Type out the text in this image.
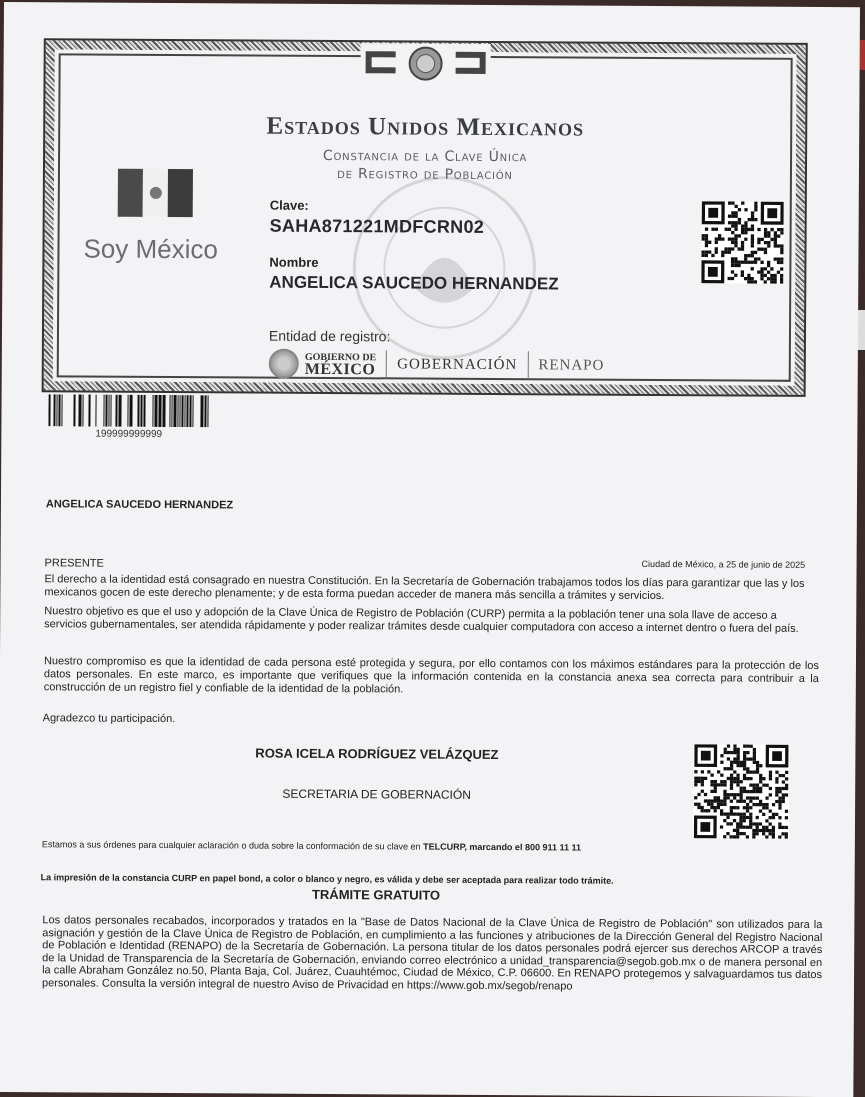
Estados Unidos Mexicanos
Constancia de la Clave Única
de Registro de Población
Soy México
Clave:
SAHA871221MDFCRN02
Nombre
ANGELICA SAUCEDO HERNANDEZ
Entidad de registro:
GOBIERNO DE
MÉXICO GOBERNACIÓN RENAPO
199999999999
ANGELICA SAUCEDO HERNANDEZ
PRESENTE	Ciudad de México, a 25 de junio de 2025
El derecho a la identidad está consagrado en nuestra Constitución. En la Secretaría de Gobernación trabajamos todos los días para garantizar que las y los mexicanos gocen de este derecho plenamente; y de esta forma puedan acceder de manera más sencilla a trámites y servicios.
Nuestro objetivo es que el uso y adopción de la Clave Única de Registro de Población (CURP) permita a la población tener una sola llave de acceso a servicios gubernamentales, ser atendida rápidamente y poder realizar trámites desde cualquier computadora con acceso a internet dentro o fuera del país.
Nuestro compromiso es que la identidad de cada persona esté protegida y segura, por ello contamos con los máximos estándares para la protección de los datos personales. En este marco, es importante que verifiques que la información contenida en la constancia anexa sea correcta para contribuir a la construcción de un registro fiel y confiable de la identidad de la población.
Agradezco tu participación.
ROSA ICELA RODRÍGUEZ VELÁZQUEZ
SECRETARIA DE GOBERNACIÓN
Estamos a sus órdenes para cualquier aclaración o duda sobre la conformación de su clave en TELCURP, marcando el 800 911 11 11
La impresión de la constancia CURP en papel bond, a color o blanco y negro, es válida y debe ser aceptada para realizar todo trámite.
TRÁMITE GRATUITO
Los datos personales recabados, incorporados y tratados en la "Base de Datos Nacional de la Clave Única de Registro de Población" son utilizados para la asignación y gestión de la Clave Única de Registro de Población, en cumplimiento a las funciones y atribuciones de la Dirección General del Registro Nacional de Población e Identidad (RENAPO) de la Secretaría de Gobernación. La persona titular de los datos personales podrá ejercer sus derechos ARCOP a través de la Unidad de Transparencia de la Secretaría de Gobernación, enviando correo electrónico a unidad_transparencia@segob.gob.mx o de manera personal en la calle Abraham González no.50, Planta Baja, Col. Juárez, Cuauhtémoc, Ciudad de México, C.P. 06600. En RENAPO protegemos y salvaguardamos tus datos personales. Consulta la versión integral de nuestro Aviso de Privacidad en https://www.gob.mx/segob/renapo
